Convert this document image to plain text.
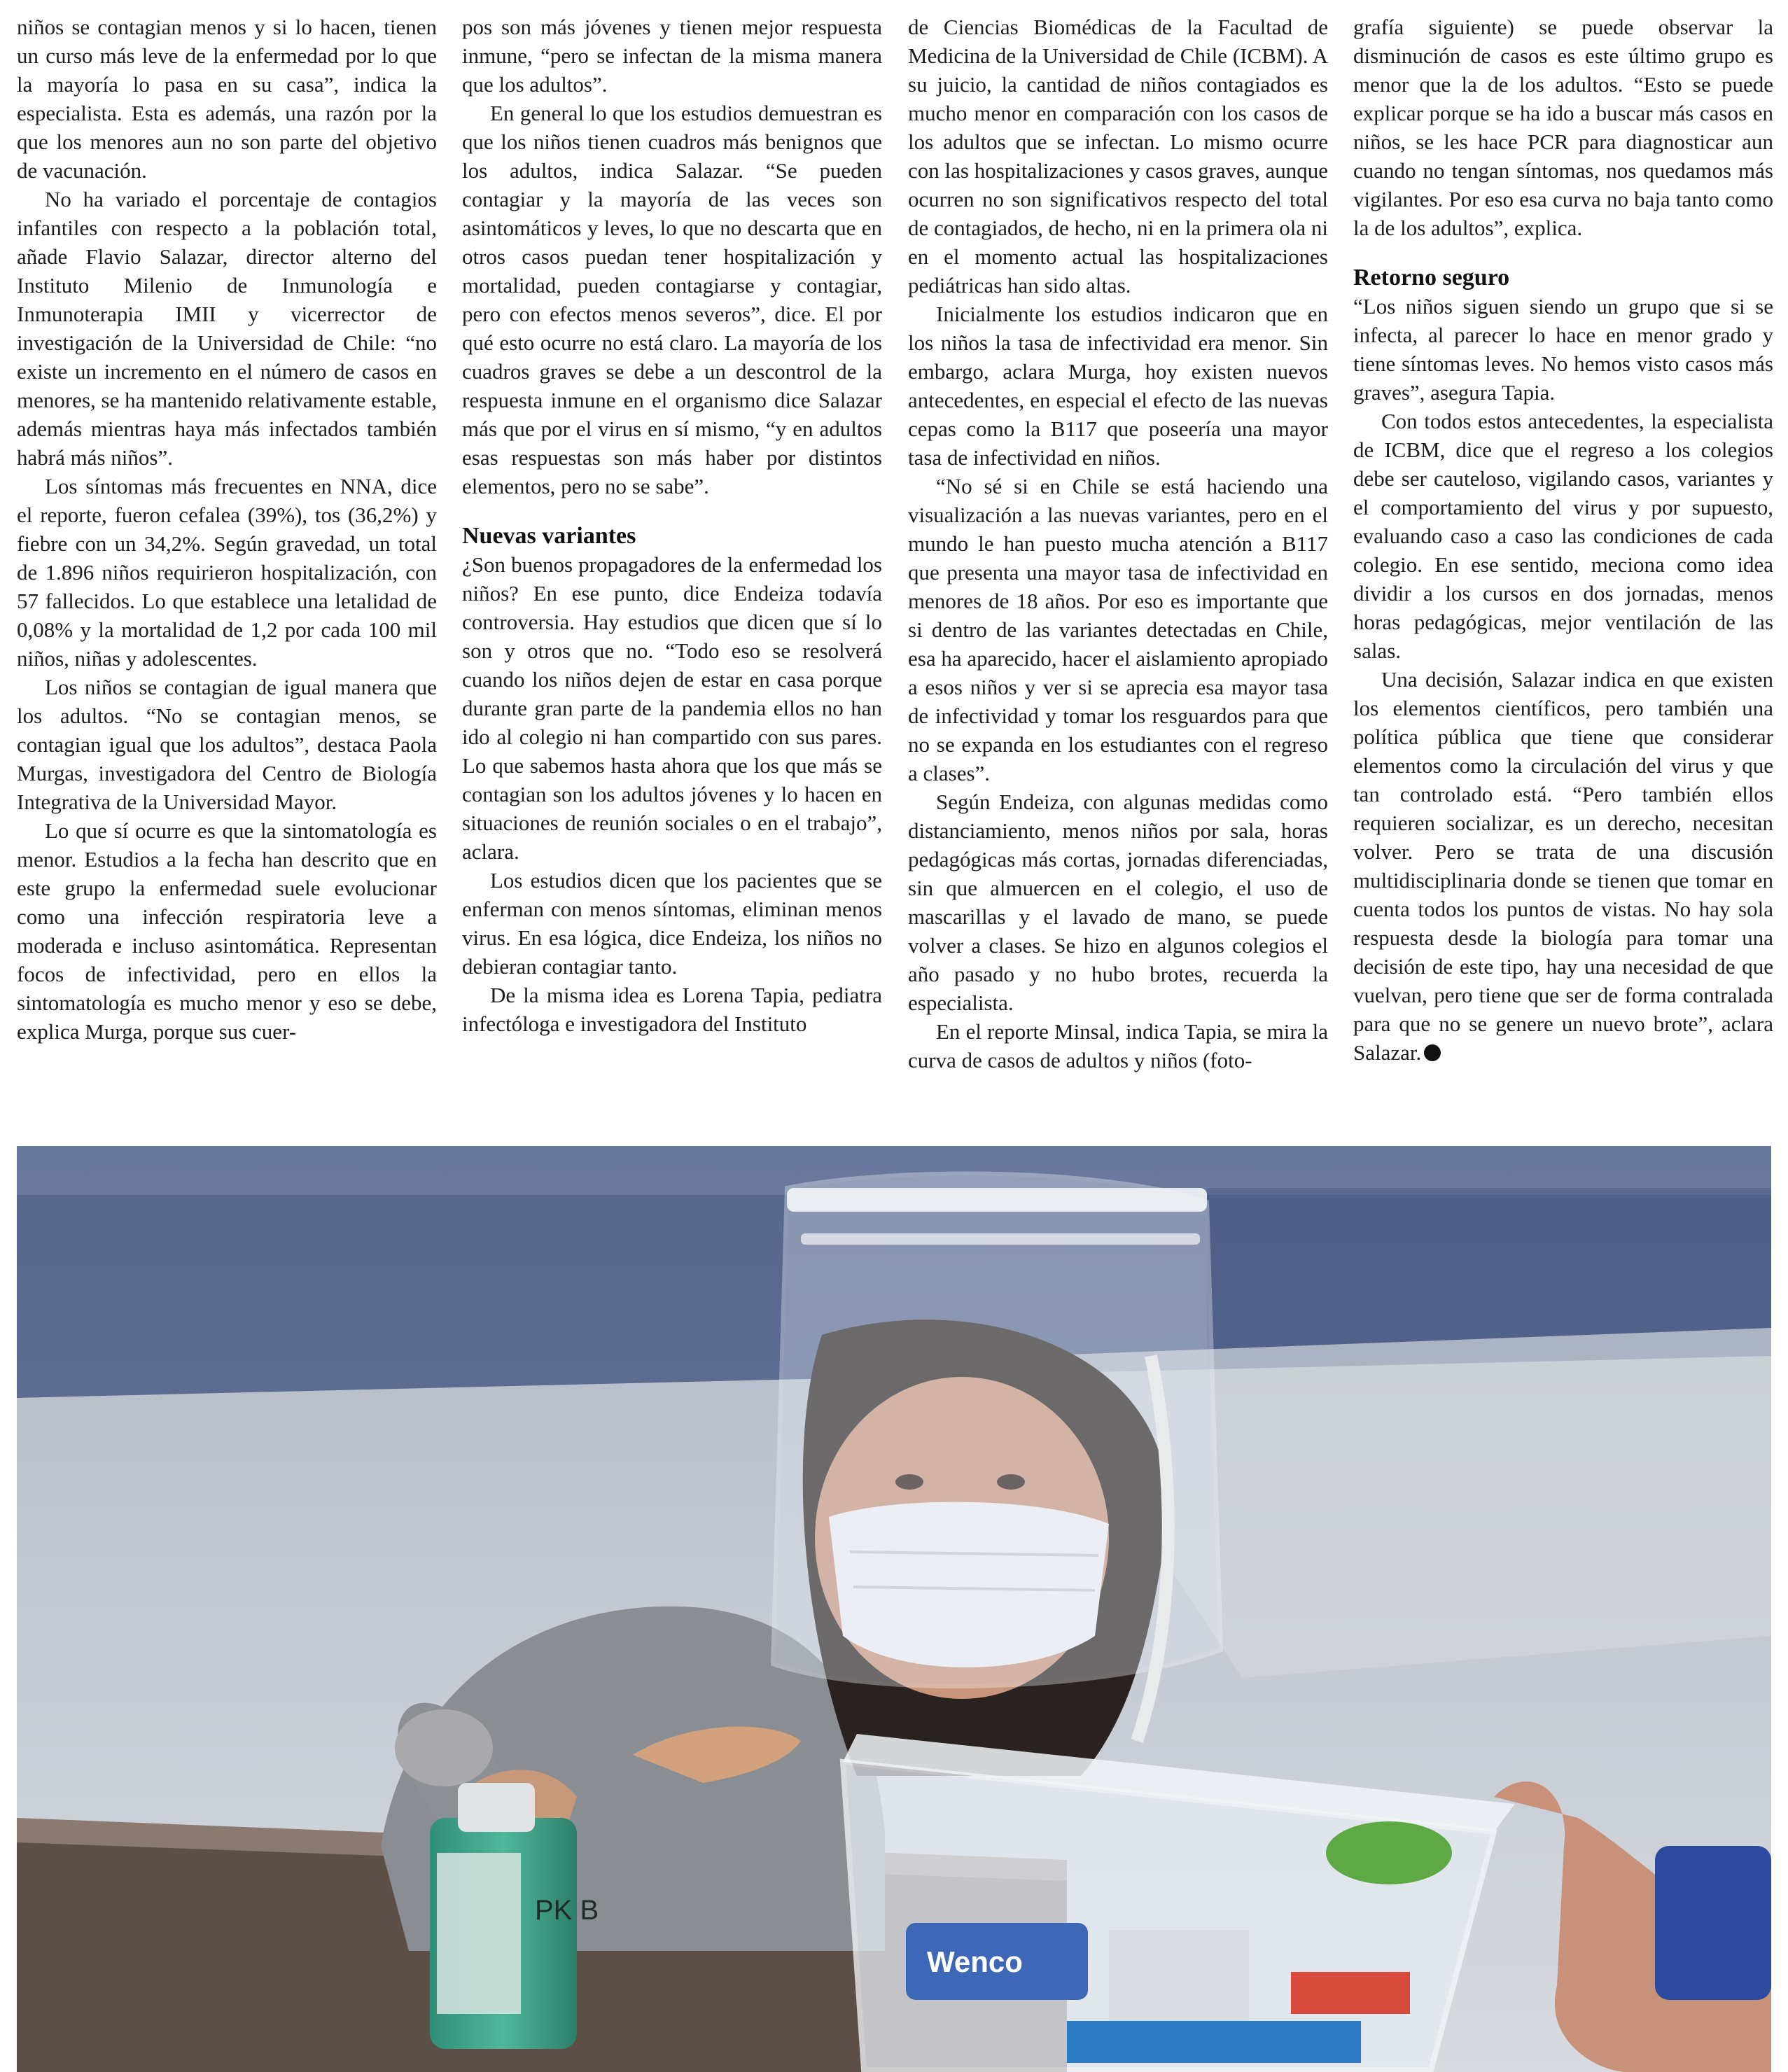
niños se contagian menos y si lo hacen, tienen un curso más leve de la enfermedad por lo que la mayoría lo pasa en su casa”, indica la especialista. Esta es además, una razón por la que los menores aun no son parte del objetivo de vacunación.

No ha variado el porcentaje de contagios infantiles con respecto a la población total, añade Flavio Salazar, director alterno del Instituto Milenio de Inmunología e Inmunoterapia IMII y vicerrector de investigación de la Universidad de Chile: “no existe un incremento en el número de casos en menores, se ha mantenido relativamente estable, además mientras haya más infectados también habrá más niños”.

Los síntomas más frecuentes en NNA, dice el reporte, fueron cefalea (39%), tos (36,2%) y fiebre con un 34,2%. Según gravedad, un total de 1.896 niños requirieron hospitalización, con 57 fallecidos. Lo que establece una letalidad de 0,08% y la mortalidad de 1,2 por cada 100 mil niños, niñas y adolescentes.

Los niños se contagian de igual manera que los adultos. “No se contagian menos, se contagian igual que los adultos”, destaca Paola Murgas, investigadora del Centro de Biología Integrativa de la Universidad Mayor.

Lo que sí ocurre es que la sintomatología es menor. Estudios a la fecha han descrito que en este grupo la enfermedad suele evolucionar como una infección respiratoria leve a moderada e incluso asintomática. Representan focos de infectividad, pero en ellos la sintomatología es mucho menor y eso se debe, explica Murga, porque sus cuer-

pos son más jóvenes y tienen mejor respuesta inmune, “pero se infectan de la misma manera que los adultos”.

En general lo que los estudios demuestran es que los niños tienen cuadros más benignos que los adultos, indica Salazar. “Se pueden contagiar y la mayoría de las veces son asintomáticos y leves, lo que no descarta que en otros casos puedan tener hospitalización y mortalidad, pueden contagiarse y contagiar, pero con efectos menos severos”, dice. El por qué esto ocurre no está claro. La mayoría de los cuadros graves se debe a un descontrol de la respuesta inmune en el organismo dice Salazar más que por el virus en sí mismo, “y en adultos esas respuestas son más haber por distintos elementos, pero no se sabe”.

Nuevas variantes

¿Son buenos propagadores de la enfermedad los niños? En ese punto, dice Endeiza todavía controversia. Hay estudios que dicen que sí lo son y otros que no. “Todo eso se resolverá cuando los niños dejen de estar en casa porque durante gran parte de la pandemia ellos no han ido al colegio ni han compartido con sus pares. Lo que sabemos hasta ahora que los que más se contagian son los adultos jóvenes y lo hacen en situaciones de reunión sociales o en el trabajo”, aclara.

Los estudios dicen que los pacientes que se enferman con menos síntomas, eliminan menos virus. En esa lógica, dice Endeiza, los niños no debieran contagiar tanto.

De la misma idea es Lorena Tapia, pediatra infectóloga e investigadora del Instituto

de Ciencias Biomédicas de la Facultad de Medicina de la Universidad de Chile (ICBM). A su juicio, la cantidad de niños contagiados es mucho menor en comparación con los casos de los adultos que se infectan. Lo mismo ocurre con las hospitalizaciones y casos graves, aunque ocurren no son significativos respecto del total de contagiados, de hecho, ni en la primera ola ni en el momento actual las hospitalizaciones pediátricas han sido altas.

Inicialmente los estudios indicaron que en los niños la tasa de infectividad era menor. Sin embargo, aclara Murga, hoy existen nuevos antecedentes, en especial el efecto de las nuevas cepas como la B117 que poseería una mayor tasa de infectividad en niños.

“No sé si en Chile se está haciendo una visualización a las nuevas variantes, pero en el mundo le han puesto mucha atención a B117 que presenta una mayor tasa de infectividad en menores de 18 años. Por eso es importante que si dentro de las variantes detectadas en Chile, esa ha aparecido, hacer el aislamiento apropiado a esos niños y ver si se aprecia esa mayor tasa de infectividad y tomar los resguardos para que no se expanda en los estudiantes con el regreso a clases”.

Según Endeiza, con algunas medidas como distanciamiento, menos niños por sala, horas pedagógicas más cortas, jornadas diferenciadas, sin que almuercen en el colegio, el uso de mascarillas y el lavado de mano, se puede volver a clases. Se hizo en algunos colegios el año pasado y no hubo brotes, recuerda la especialista.

En el reporte Minsal, indica Tapia, se mira la curva de casos de adultos y niños (foto-

grafía siguiente) se puede observar la disminución de casos es este último grupo es menor que la de los adultos. “Esto se puede explicar porque se ha ido a buscar más casos en niños, se les hace PCR para diagnosticar aun cuando no tengan síntomas, nos quedamos más vigilantes. Por eso esa curva no baja tanto como la de los adultos”, explica.

Retorno seguro

“Los niños siguen siendo un grupo que si se infecta, al parecer lo hace en menor grado y tiene síntomas leves. No hemos visto casos más graves”, asegura Tapia.

Con todos estos antecedentes, la especialista de ICBM, dice que el regreso a los colegios debe ser cauteloso, vigilando casos, variantes y el comportamiento del virus y por supuesto, evaluando caso a caso las condiciones de cada colegio. En ese sentido, meciona como idea dividir a los cursos en dos jornadas, menos horas pedagógicas, mejor ventilación de las salas.

Una decisión, Salazar indica en que existen los elementos científicos, pero también una política pública que tiene que considerar elementos como la circulación del virus y que tan controlado está. “Pero también ellos requieren socializar, es un derecho, necesitan volver. Pero se trata de una discusión multidisciplinaria donde se tienen que tomar en cuenta todos los puntos de vistas. No hay sola respuesta desde la biología para tomar una decisión de este tipo, hay una necesidad de que vuelvan, pero tiene que ser de forma contralada para que no se genere un nuevo brote”, aclara Salazar.

PK B
Wenco
